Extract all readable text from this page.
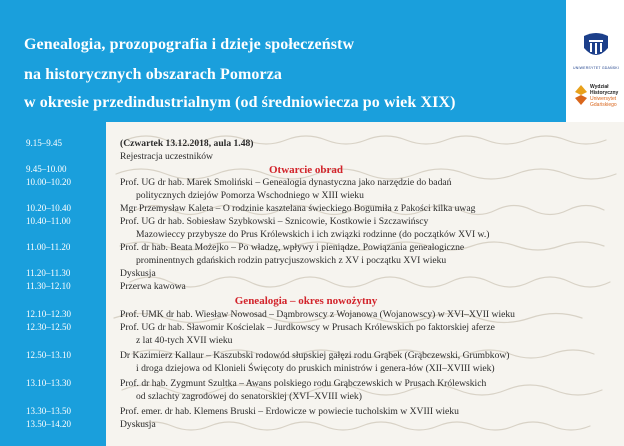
Genealogia, prozopografia i dzieje społeczeństw
na historycznych obszarach Pomorza
w okresie przedindustrialnym (od średniowiecza po wiek XIX)
UNIWERSYTET GDAŃSKI
Wydział
Historyczny
Uniwersytet
Gdańskiego
9.15–9.45	(Czwartek 13.12.2018, aula 1.48)
Rejestracja uczestników
9.45–10.00	Otwarcie obrad
10.00–10.20	Prof. UG dr hab. Marek Smoliński – Genealogia dynastyczna jako narzędzie do badań
politycznych dziejów Pomorza Wschodniego w XIII wieku
10.20–10.40	Mgr Przemysław Kaleta – O rodzinie kasztelana świeckiego Bogumiła z Pakości kilka uwag
10.40–11.00	Prof. UG dr hab. Sobiesław Szybkowski – Sznicowie, Kostkowie i Szczawińscy
Mazowieccy przybysze do Prus Królewskich i ich związki rodzinne (do początków XVI w.)
11.00–11.20	Prof. dr hab. Beata Możejko – Po władzę, wpływy i pieniądze. Powiązania genealogiczne
prominentnych gdańskich rodzin patrycjuszowskich z XV i początku XVI wieku
11.20–11.30	Dyskusja
11.30–12.10	Przerwa kawowa
Genealogia – okres nowożytny
12.10–12.30	Prof. UMK dr hab. Wiesław Nowosad – Dąmbrowscy z Wojanowa (Wojanowscy) w XVI–XVII wieku
12.30–12.50	Prof. UG dr hab. Sławomir Kościelak – Jurdkowscy w Prusach Królewskich po faktorskiej aferze
z lat 40-tych XVII wieku
12.50–13.10	Dr Kazimierz Kallaur – Kaszubski rodowód słupskiej gałęzi rodu Grąbek (Grąbczewski, Grumbkow)
i droga dziejowa od Klonieli Święcoty do pruskich ministrów i genera-łów (XII–XVIII wiek)
13.10–13.30	Prof. dr hab. Zygmunt Szultka – Awans polskiego rodu Grąbczewskich w Prusach Królewskich
od szlachty zagrodowej do senatorskiej (XVI–XVIII wiek)
13.30–13.50	Prof. emer. dr hab. Klemens Bruski – Erdowicze w powiecie tucholskim w XVIII wieku
13.50–14.20	Dyskusja
